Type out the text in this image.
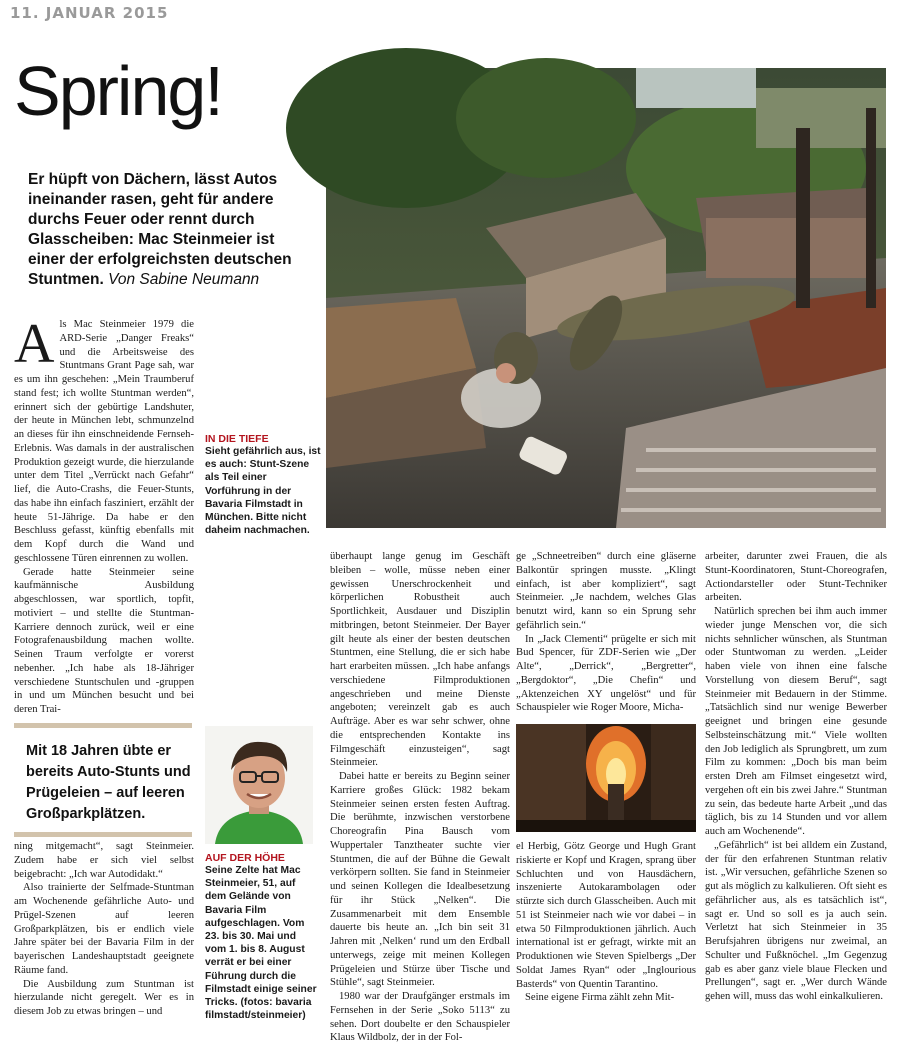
11. JANUAR 2015
Spring!
Er hüpft von Dächern, lässt Autos ineinander rasen, geht für andere durchs Feuer oder rennt durch Glasscheiben: Mac Steinmeier ist einer der erfolgreichsten deutschen Stuntmen. Von Sabine Neumann
IN DIE TIEFE
Sieht gefährlich aus, ist es auch: Stunt-Szene als Teil einer Vorführung in der Bavaria Filmstadt in München. Bitte nicht daheim nachmachen.

Als Mac Steinmeier 1979 die ARD-Serie „Danger Freaks“ und die Arbeitsweise des Stuntmans Grant Page sah, war es um ihn geschehen: „Mein Traumberuf stand fest; ich wollte Stuntman werden“, erinnert sich der gebürtige Landshuter, der heute in München lebt, schmunzelnd an dieses für ihn einschneidende Fernseh-Erlebnis. Was damals in der australischen Produktion gezeigt wurde, die hierzulande unter dem Titel „Verrückt nach Gefahr“ lief, die Auto-Crashs, die Feuer-Stunts, das habe ihn einfach fasziniert, erzählt der heute 51-Jährige. Da habe er den Beschluss gefasst, künftig ebenfalls mit dem Kopf durch die Wand und geschlossene Türen einrennen zu wollen.

Gerade hatte Steinmeier seine kaufmännische Ausbildung abgeschlossen, war sportlich, topfit, motiviert – und stellte die Stuntman-Karriere dennoch zurück, weil er eine Fotografenausbildung machen wollte. Seinen Traum verfolgte er vorerst nebenher. „Ich habe als 18-Jähriger verschiedene Stuntschulen und -gruppen in und um München besucht und bei deren Trai-

Mit 18 Jahren übte er bereits Auto-Stunts und Prügeleien – auf leeren Großparkplätzen.

ning mitgemacht“, sagt Steinmeier. Zudem habe er sich viel selbst beigebracht: „Ich war Autodidakt.“

Also trainierte der Selfmade-Stuntman am Wochenende gefährliche Auto- und Prügel-Szenen auf leeren Großparkplätzen, bis er endlich viele Jahre später bei der Bavaria Film in der bayerischen Landeshauptstadt geeignete Räume fand.

Die Ausbildung zum Stuntman ist hierzulande nicht geregelt. Wer es in diesem Job zu etwas bringen – und

AUF DER HÖHE
Seine Zelte hat Mac Steinmeier, 51, auf dem Gelände von Bavaria Film aufgeschlagen. Vom 23. bis 30. Mai und vom 1. bis 8. August verrät er bei einer Führung durch die Filmstadt einige seiner Tricks. (fotos: bavaria filmstadt/steinmeier)

überhaupt lange genug im Geschäft bleiben – wolle, müsse neben einer gewissen Unerschrockenheit und körperlichen Robustheit auch Sportlichkeit, Ausdauer und Disziplin mitbringen, betont Steinmeier. Der Bayer gilt heute als einer der besten deutschen Stuntmen, eine Stellung, die er sich habe hart erarbeiten müssen. „Ich habe anfangs verschiedene Filmproduktionen angeschrieben und meine Dienste angeboten; vereinzelt gab es auch Aufträge. Aber es war sehr schwer, ohne die entsprechenden Kontakte ins Filmgeschäft einzusteigen“, sagt Steinmeier.

Dabei hatte er bereits zu Beginn seiner Karriere großes Glück: 1982 bekam Steinmeier seinen ersten festen Auftrag. Die berühmte, inzwischen verstorbene Choreografin Pina Bausch vom Wuppertaler Tanztheater suchte vier Stuntmen, die auf der Bühne die Gewalt verkörpern sollten. Sie fand in Steinmeier und seinen Kollegen die Idealbesetzung für ihr Stück „Nelken“. Die Zusammenarbeit mit dem Ensemble dauerte bis heute an. „Ich bin seit 31 Jahren mit ‚Nelken‘ rund um den Erdball unterwegs, zeige mit meinen Kollegen Prügeleien und Stürze über Tische und Stühle“, sagt Steinmeier.

1980 war der Draufgänger erstmals im Fernsehen in der Serie „Soko 5113“ zu sehen. Dort doubelte er den Schauspieler Klaus Wildbolz, der in der Fol-

ge „Schneetreiben“ durch eine gläserne Balkontür springen musste. „Klingt einfach, ist aber kompliziert“, sagt Steinmeier. „Je nachdem, welches Glas benutzt wird, kann so ein Sprung sehr gefährlich sein.“

In „Jack Clementi“ prügelte er sich mit Bud Spencer, für ZDF-Serien wie „Der Alte“, „Derrick“, „Bergretter“, „Bergdoktor“, „Die Chefin“ und „Aktenzeichen XY ungelöst“ und für Schauspieler wie Roger Moore, Micha-

el Herbig, Götz George und Hugh Grant riskierte er Kopf und Kragen, sprang über Schluchten und von Hausdächern, inszenierte Autokarambolagen oder stürzte sich durch Glasscheiben. Auch mit 51 ist Steinmeier nach wie vor dabei – in etwa 50 Filmproduktionen jährlich. Auch international ist er gefragt, wirkte mit an Produktionen wie Steven Spielbergs „Der Soldat James Ryan“ oder „Inglourious Basterds“ von Quentin Tarantino.

Seine eigene Firma zählt zehn Mit-

arbeiter, darunter zwei Frauen, die als Stunt-Koordinatoren, Stunt-Choreografen, Actiondarsteller oder Stunt-Techniker arbeiten.

Natürlich sprechen bei ihm auch immer wieder junge Menschen vor, die sich nichts sehnlicher wünschen, als Stuntman oder Stuntwoman zu werden. „Leider haben viele von ihnen eine falsche Vorstellung von diesem Beruf“, sagt Steinmeier mit Bedauern in der Stimme. „Tatsächlich sind nur wenige Bewerber geeignet und bringen eine gesunde Selbsteinschätzung mit.“ Viele wollten den Job lediglich als Sprungbrett, um zum Film zu kommen: „Doch bis man beim ersten Dreh am Filmset eingesetzt wird, vergehen oft ein bis zwei Jahre.“ Stuntman zu sein, das bedeute harte Arbeit „und das täglich, bis zu 14 Stunden und vor allem auch am Wochenende“.

„Gefährlich“ ist bei alldem ein Zustand, der für den erfahrenen Stuntman relativ ist. „Wir versuchen, gefährliche Szenen so gut als möglich zu kalkulieren. Oft sieht es gefährlicher aus, als es tatsächlich ist“, sagt er. Und so soll es ja auch sein. Verletzt hat sich Steinmeier in 35 Berufsjahren übrigens nur zweimal, an Schulter und Fußknöchel. „Im Gegenzug gab es aber ganz viele blaue Flecken und Prellungen“, sagt er. „Wer durch Wände gehen will, muss das wohl einkalkulieren.
